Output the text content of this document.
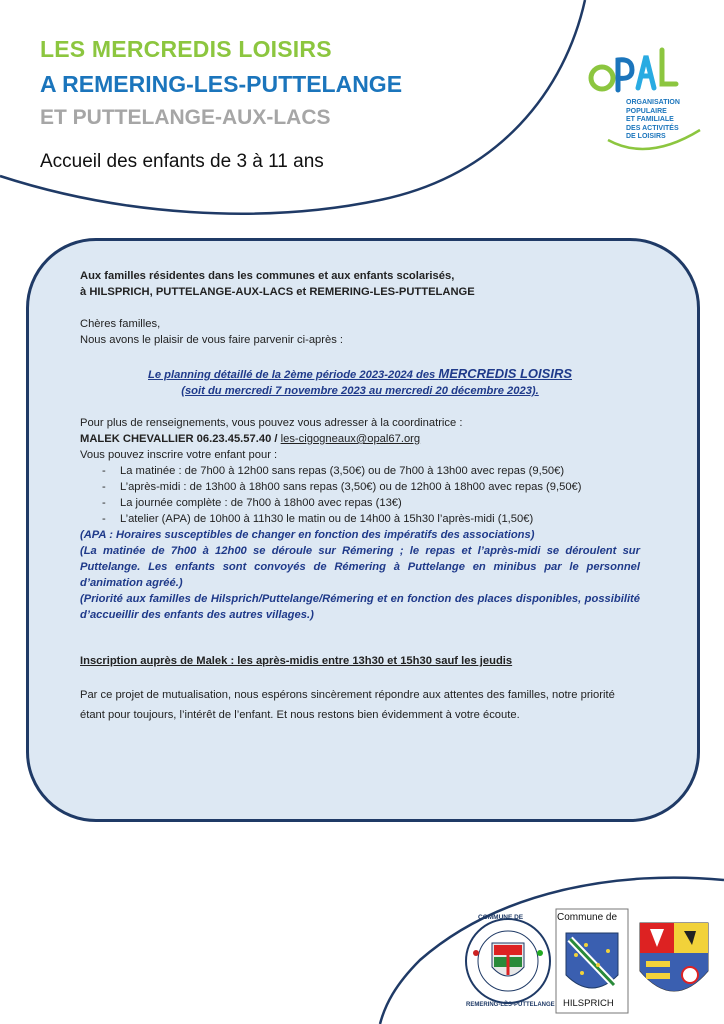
LES MERCREDIS LOISIRS
A REMERING-LES-PUTTELANGE
ET PUTTELANGE-AUX-LACS
Accueil des enfants de 3 à 11 ans
ORGANISATION
POPULAIRE
ET FAMILIALE
DES ACTIVITÉS
DE LOISIRS
Aux familles résidentes dans les communes et aux enfants scolarisés,
à HILSPRICH, PUTTELANGE-AUX-LACS et REMERING-LES-PUTTELANGE
Chères familles,
Nous avons le plaisir de vous faire parvenir ci-après :
Le planning détaillé de la 2ème période 2023-2024 des MERCREDIS LOISIRS
(soit du mercredi 7 novembre 2023 au mercredi 20 décembre 2023).
Pour plus de renseignements, vous pouvez vous adresser à la coordinatrice :
MALEK CHEVALLIER 06.23.45.57.40 / les-cigogneaux@opal67.org
Vous pouvez inscrire votre enfant pour :
- La matinée : de 7h00 à 12h00 sans repas (3,50€) ou de 7h00 à 13h00 avec repas (9,50€)
- L’après-midi : de 13h00 à 18h00 sans repas (3,50€) ou de 12h00 à 18h00 avec repas (9,50€)
- La journée complète : de 7h00 à 18h00 avec repas (13€)
- L’atelier (APA) de 10h00 à 11h30 le matin ou de 14h00 à 15h30 l’après-midi (1,50€)
(APA : Horaires susceptibles de changer en fonction des impératifs des associations)
(La matinée de 7h00 à 12h00 se déroule sur Rémering ; le repas et l’après-midi se déroulent sur Puttelange. Les enfants sont convoyés de Rémering à Puttelange en minibus par le personnel d’animation agréé.)
(Priorité aux familles de Hilsprich/Puttelange/Rémering et en fonction des places disponibles, possibilité d’accueillir des enfants des autres villages.)
Inscription auprès de Malek : les après-midis entre 13h30 et 15h30 sauf les jeudis
Par ce projet de mutualisation, nous espérons sincèrement répondre aux attentes des familles, notre priorité étant pour toujours, l’intérêt de l’enfant. Et nous restons bien évidemment à votre écoute.
Commune de
HILSPRICH
COMMUNE DE
REMERING-LÈS-PUTTELANGE
